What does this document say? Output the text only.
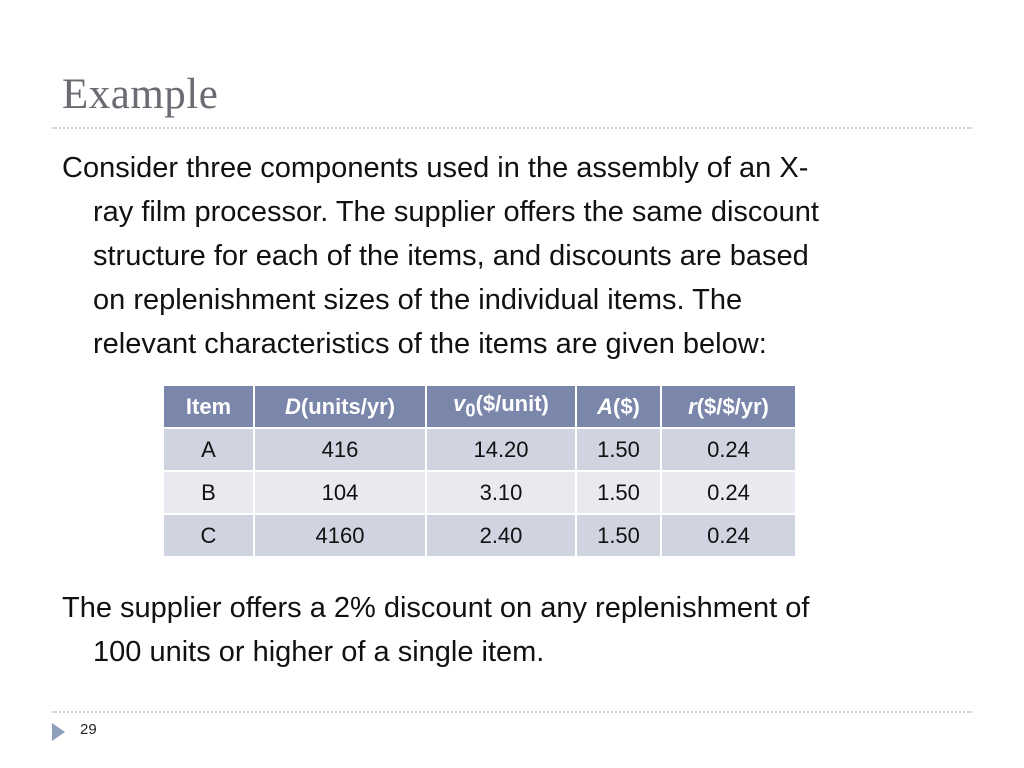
Example
Consider three components used in the assembly of an X-
ray film processor. The supplier offers the same discount
structure for each of the items, and discounts are based
on replenishment sizes of the individual items. The
relevant characteristics of the items are given below:
Item	D(units/yr)	$v_0(\$/unit)$	A($)	r($/$/yr)
A	416	14.20	1.50	0.24
B	104	3.10	1.50	0.24
C	4160	2.40	1.50	0.24
The supplier offers a 2% discount on any replenishment of
100 units or higher of a single item.
29
